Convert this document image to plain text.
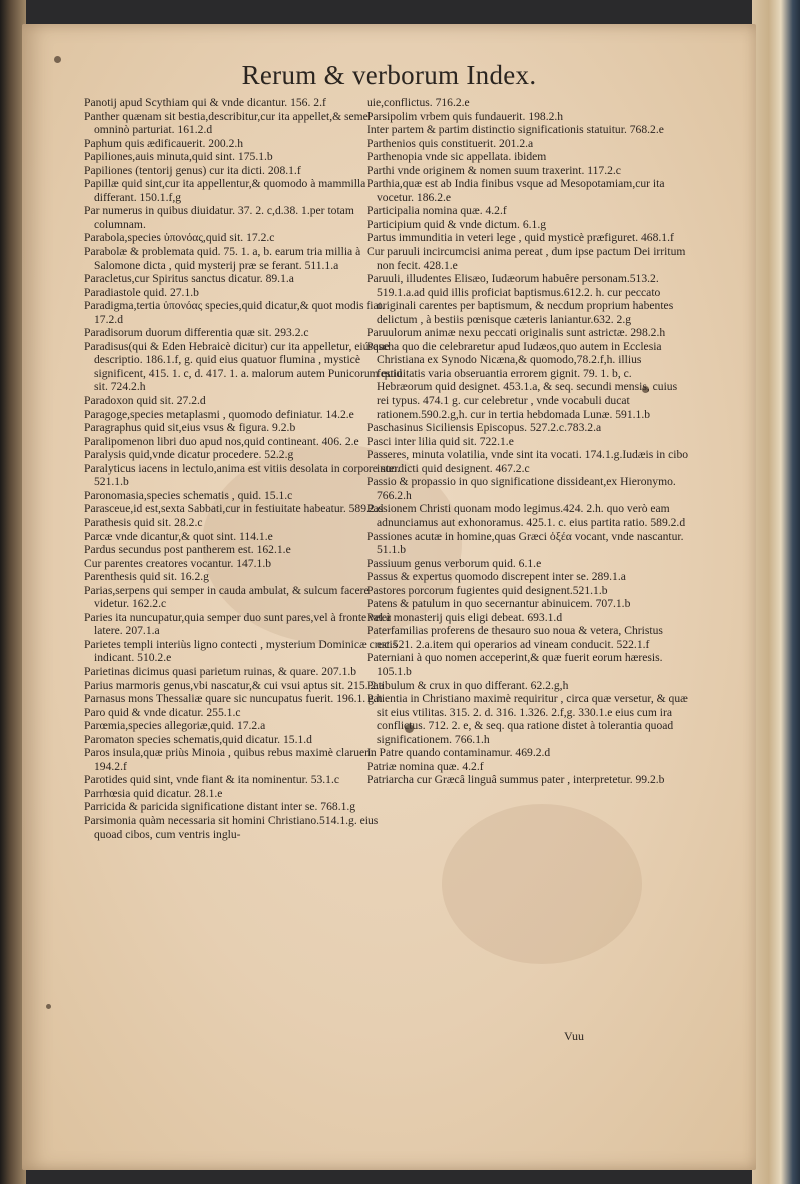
Rerum & verborum Index.

Panotij apud Scythiam qui & vnde dicantur. 156. 2.f

Panther quænam sit bestia,describitur,cur ita appellet,& semel omninò parturiat. 161.2.d

Paphum quis ædificauerit. 200.2.h

Papiliones,auis minuta,quid sint. 175.1.b

Papiliones (tentorij genus) cur ita dicti. 208.1.f

Papillæ quid sint,cur ita appellentur,& quomodo à mammilla differant. 150.1.f,g

Par numerus in quibus diuidatur. 37. 2. c,d.38. 1.per totam columnam.

Parabola,species ὑπονόας,quid sit. 17.2.c

Parabolæ & problemata quid. 75. 1. a, b. earum tria millia à Salomone dicta , quid mysterij præ se ferant. 511.1.a

Paracletus,cur Spiritus sanctus dicatur. 89.1.a

Paradiastole quid. 27.1.b

Paradigma,tertia ὑπονόας species,quid dicatur,& quot modis fiat. 17.2.d

Paradisorum duorum differentia quæ sit. 293.2.c

Paradisus(qui & Eden Hebraicè dicitur) cur ita appelletur, eiúsque descriptio. 186.1.f, g. quid eius quatuor flumina , mysticè significent, 415. 1. c, d. 417. 1. a. malorum autem Punicorum quid sit. 724.2.h

Paradoxon quid sit. 27.2.d

Paragoge,species metaplasmi , quomodo definiatur. 14.2.e

Paragraphus quid sit,eius vsus & figura. 9.2.b

Paralipomenon libri duo apud nos,quid contineant. 406. 2.e

Paralysis quid,vnde dicatur procedere. 52.2.g

Paralyticus iacens in lectulo,anima est vitiis desolata in corpore suo. 521.1.b

Paronomasia,species schematis , quid. 15.1.c

Parasceue,id est,sexta Sabbati,cur in festiuitate habeatur. 589.2.d

Parathesis quid sit. 28.2.c

Parcæ vnde dicantur,& quot sint. 114.1.e

Pardus secundus post pantherem est. 162.1.e

Cur parentes creatores vocantur. 147.1.b

Parenthesis quid sit. 16.2.g

Parias,serpens qui semper in cauda ambulat, & sulcum facere videtur. 162.2.c

Paries ita nuncupatur,quia semper duo sunt pares,vel à fronte vel à latere. 207.1.a

Parietes templi interiùs ligno contecti , mysterium Dominicæ crucis indicant. 510.2.e

Parietinas dicimus quasi parietum ruinas, & quare. 207.1.b

Parius marmoris genus,vbi nascatur,& cui vsui aptus sit. 215. 2.a

Parnasus mons Thessaliæ quare sic nuncupatus fuerit. 196.1. g.h

Paro quid & vnde dicatur. 255.1.c

Parœmia,species allegoriæ,quid. 17.2.a

Paromaton species schematis,quid dicatur. 15.1.d

Paros insula,quæ priùs Minoia , quibus rebus maximè clarueri. 194.2.f

Parotides quid sint, vnde fiant & ita nominentur. 53.1.c

Parrhœsia quid dicatur. 28.1.e

Parricida & paricida significatione distant inter se. 768.1.g

Parsimonia quàm necessaria sit homini Christiano.514.1.g. eius quoad cibos, cum ventris inglu-

uie,conflictus. 716.2.e

Parsipolim vrbem quis fundauerit. 198.2.h

Inter partem & partim distinctio significationis statuitur. 768.2.e

Parthenios quis constituerit. 201.2.a

Parthenopia vnde sic appellata. ibidem

Parthi vnde originem & nomen suum traxerint. 117.2.c

Parthia,quæ est ab India finibus vsque ad Mesopotamiam,cur ita vocetur. 186.2.e

Participalia nomina quæ. 4.2.f

Participium quid & vnde dictum. 6.1.g

Partus immunditia in veteri lege , quid mysticè præfiguret. 468.1.f

Cur paruuli incircumcisi anima pereat , dum ipse pactum Dei irritum non fecit. 428.1.e

Paruuli, illudentes Elisæo, Iudæorum habuêre personam.513.2. 519.1.a.ad quid illis proficiat baptismus.612.2. h. cur peccato originali carentes per baptismum, & necdum proprium habentes delictum , à bestiis pœnisque cæteris laniantur.632. 2.g

Paruulorum animæ nexu peccati originalis sunt astrictæ. 298.2.h

Pascha quo die celebraretur apud Iudæos,quo autem in Ecclesia Christiana ex Synodo Nicæna,& quomodo,78.2.f,h. illius festiuitatis varia obseruantia errorem gignit. 79. 1. b, c. Hebræorum quid designet. 453.1.a, & seq. secundi mensis, cuius rei typus. 474.1 g. cur celebretur , vnde vocabuli ducat rationem.590.2.g,h. cur in tertia hebdomada Lunæ. 591.1.b

Paschasinus Siciliensis Episcopus. 527.2.c.783.2.a

Pasci inter lilia quid sit. 722.1.e

Passeres, minuta volatilia, vnde sint ita vocati. 174.1.g.Iudæis in cibo interdicti quid designent. 467.2.c

Passio & propassio in quo significatione dissideant,ex Hieronymo. 766.2.h

Passionem Christi quonam modo legimus.424. 2.h. quo verò eam adnunciamus aut exhonoramus. 425.1. c. eius partita ratio. 589.2.d

Passiones acutæ in homine,quas Græci ὀξέα vocant, vnde nascantur. 51.1.b

Passiuum genus verborum quid. 6.1.e

Passus & expertus quomodo discrepent inter se. 289.1.a

Pastores porcorum fugientes quid designent.521.1.b

Patens & patulum in quo secernantur abinuicem. 707.1.b

Pater monasterij quis eligi debeat. 693.1.d

Paterfamilias proferens de thesauro suo noua & vetera, Christus est.521. 2.a.item qui operarios ad vineam conducit. 522.1.f

Paterniani à quo nomen acceperint,& quæ fuerit eorum hæresis. 105.1.b

Patibulum & crux in quo differant. 62.2.g,h

Patientia in Christiano maximè requiritur , circa quæ versetur, & quæ sit eius vtilitas. 315. 2. d. 316. 1.326. 2.f,g. 330.1.e eius cum ira conflictus. 712. 2. e, & seq. qua ratione distet à tolerantia quoad significationem. 766.1.h

In Patre quando contaminamur. 469.2.d

Patriæ nomina quæ. 4.2.f

Patriarcha cur Græcâ linguâ summus pater , interpretetur. 99.2.b

Vuu
